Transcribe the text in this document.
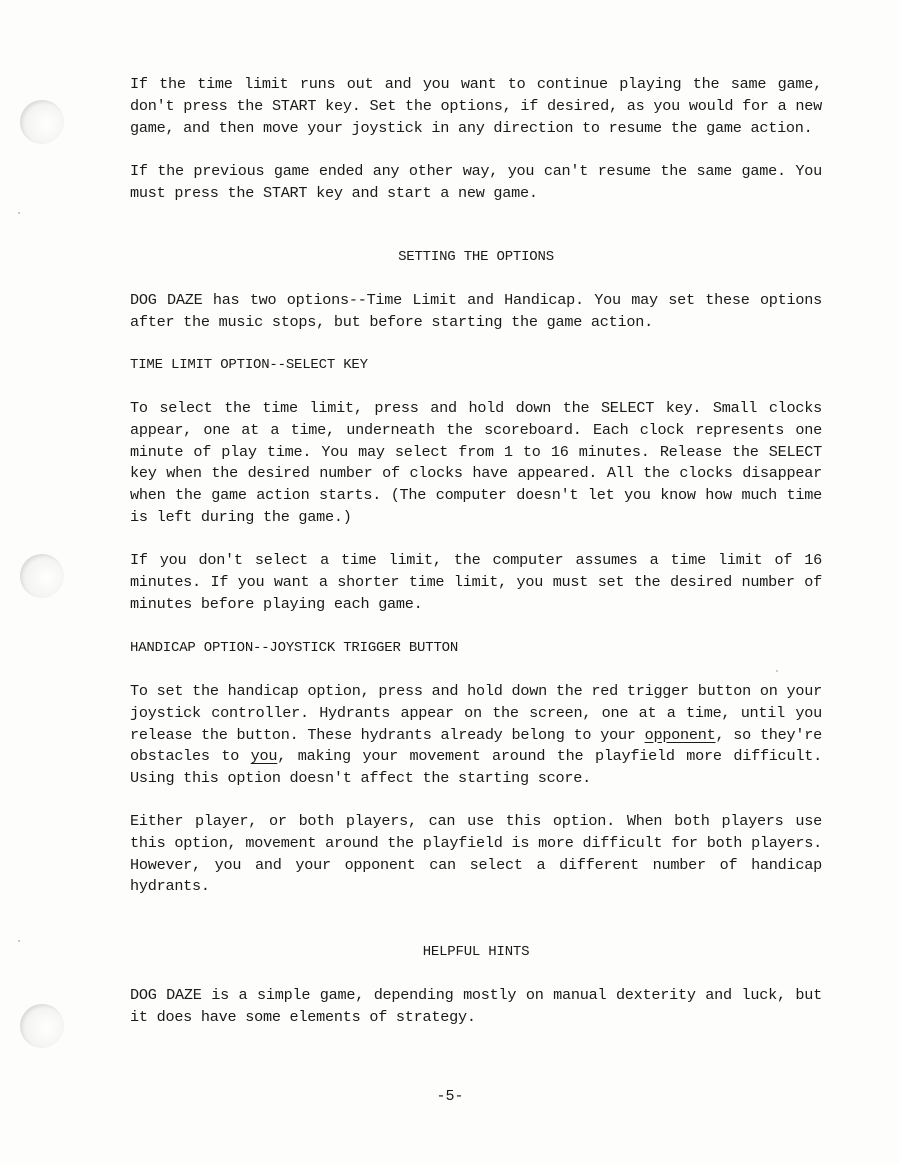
If the time limit runs out and you want to continue playing the same game, don't press the START key. Set the options, if desired, as you would for a new game, and then move your joystick in any direction to resume the game action.

If the previous game ended any other way, you can't resume the same game. You must press the START key and start a new game.

SETTING THE OPTIONS

DOG DAZE has two options--Time Limit and Handicap. You may set these options after the music stops, but before starting the game action.

TIME LIMIT OPTION--SELECT KEY

To select the time limit, press and hold down the SELECT key. Small clocks appear, one at a time, underneath the scoreboard. Each clock represents one minute of play time. You may select from 1 to 16 minutes. Release the SELECT key when the desired number of clocks have appeared. All the clocks disappear when the game action starts. (The computer doesn't let you know how much time is left during the game.)

If you don't select a time limit, the computer assumes a time limit of 16 minutes. If you want a shorter time limit, you must set the desired number of minutes before playing each game.

HANDICAP OPTION--JOYSTICK TRIGGER BUTTON

To set the handicap option, press and hold down the red trigger button on your joystick controller. Hydrants appear on the screen, one at a time, until you release the button. These hydrants already belong to your opponent, so they're obstacles to you, making your movement around the playfield more difficult. Using this option doesn't affect the starting score.

Either player, or both players, can use this option. When both players use this option, movement around the playfield is more difficult for both players. However, you and your opponent can select a different number of handicap hydrants.

HELPFUL HINTS

DOG DAZE is a simple game, depending mostly on manual dexterity and luck, but it does have some elements of strategy.

-5-
